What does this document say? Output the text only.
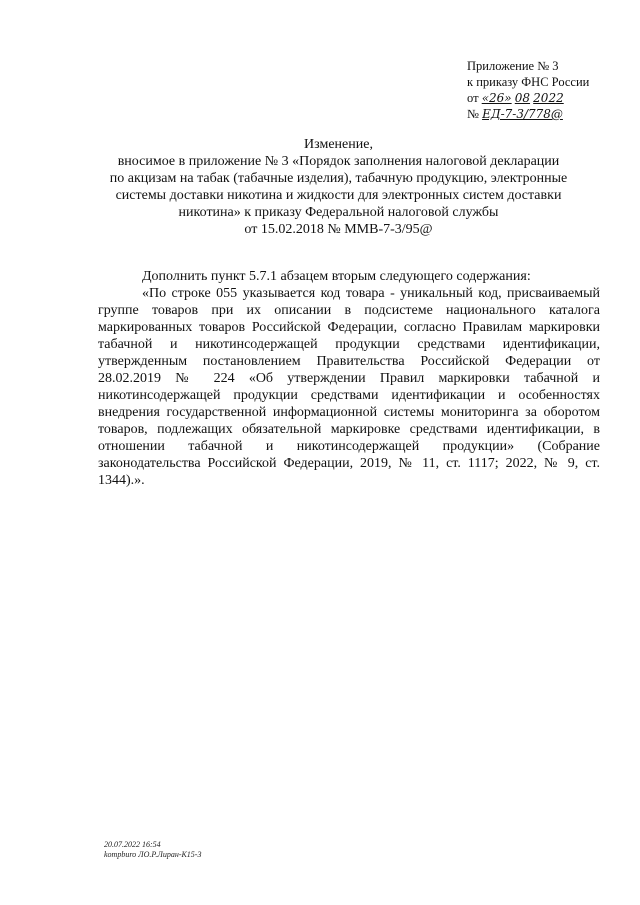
Приложение № 3
к приказу ФНС России
от «26» 08 2022
№ ЕД-7-3/778@
Изменение,
вносимое в приложение № 3 «Порядок заполнения налоговой декларации
по акцизам на табак (табачные изделия), табачную продукцию, электронные
системы доставки никотина и жидкости для электронных систем доставки
никотина» к приказу Федеральной налоговой службы
от 15.02.2018 № ММВ-7-3/95@

Дополнить пункт 5.7.1 абзацем вторым следующего содержания:

«По строке 055 указывается код товара - уникальный код, присваиваемый группе товаров при их описании в подсистеме национального каталога маркированных товаров Российской Федерации, согласно Правилам маркировки табачной и никотинсодержащей продукции средствами идентификации, утвержденным постановлением Правительства Российской Федерации от 28.02.2019 № 224 «Об утверждении Правил маркировки табачной и никотинсодержащей продукции средствами идентификации и особенностях внедрения государственной информационной системы мониторинга за оборотом товаров, подлежащих обязательной маркировке средствами идентификации, в отношении табачной и никотинсодержащей продукции» (Собрание законодательства Российской Федерации, 2019, № 11, ст. 1117; 2022, № 9, ст. 1344).».

20.07.2022 16:54
kompburo ЛО.Р.Лиран-К15-3
